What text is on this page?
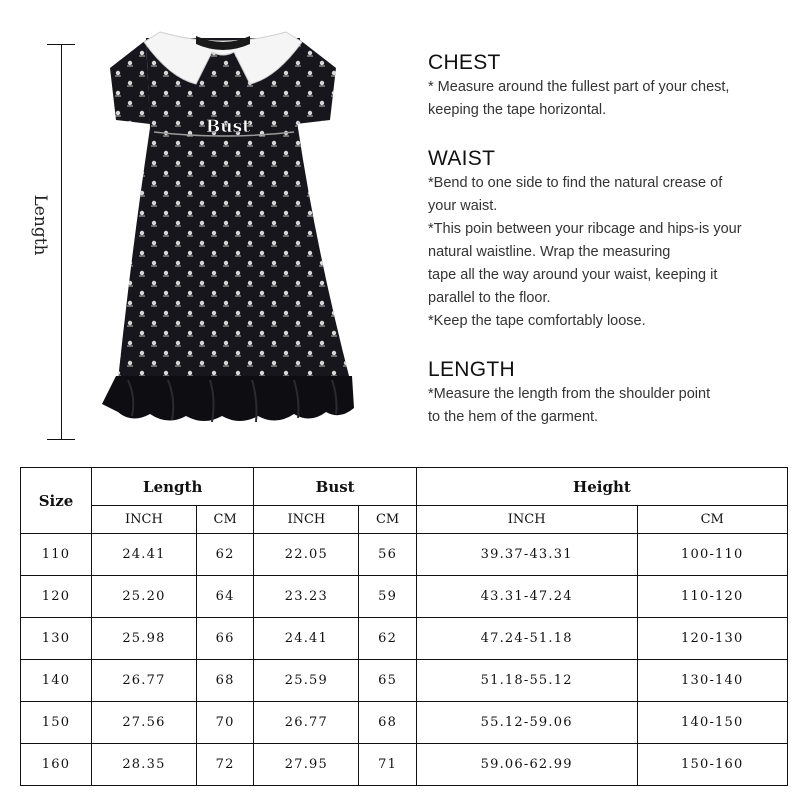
Length
Bust
CHEST
* Measure around the fullest part of your chest,
keeping the tape horizontal.
WAIST
*Bend to one side to find the natural crease of
your waist.
*This poin between your ribcage and hips-is your
natural waistline. Wrap the measuring
tape all the way around your waist, keeping it
parallel to the floor.
*Keep the tape comfortably loose.
LENGTH
*Measure the length from the shoulder point
to the hem of the garment.
Size	Length		Bust		Height	
	INCH	CM	INCH	CM	INCH	CM
110	24.41	62	22.05	56	39.37-43.31	100-110
120	25.20	64	23.23	59	43.31-47.24	110-120
130	25.98	66	24.41	62	47.24-51.18	120-130
140	26.77	68	25.59	65	51.18-55.12	130-140
150	27.56	70	26.77	68	55.12-59.06	140-150
160	28.35	72	27.95	71	59.06-62.99	150-160
